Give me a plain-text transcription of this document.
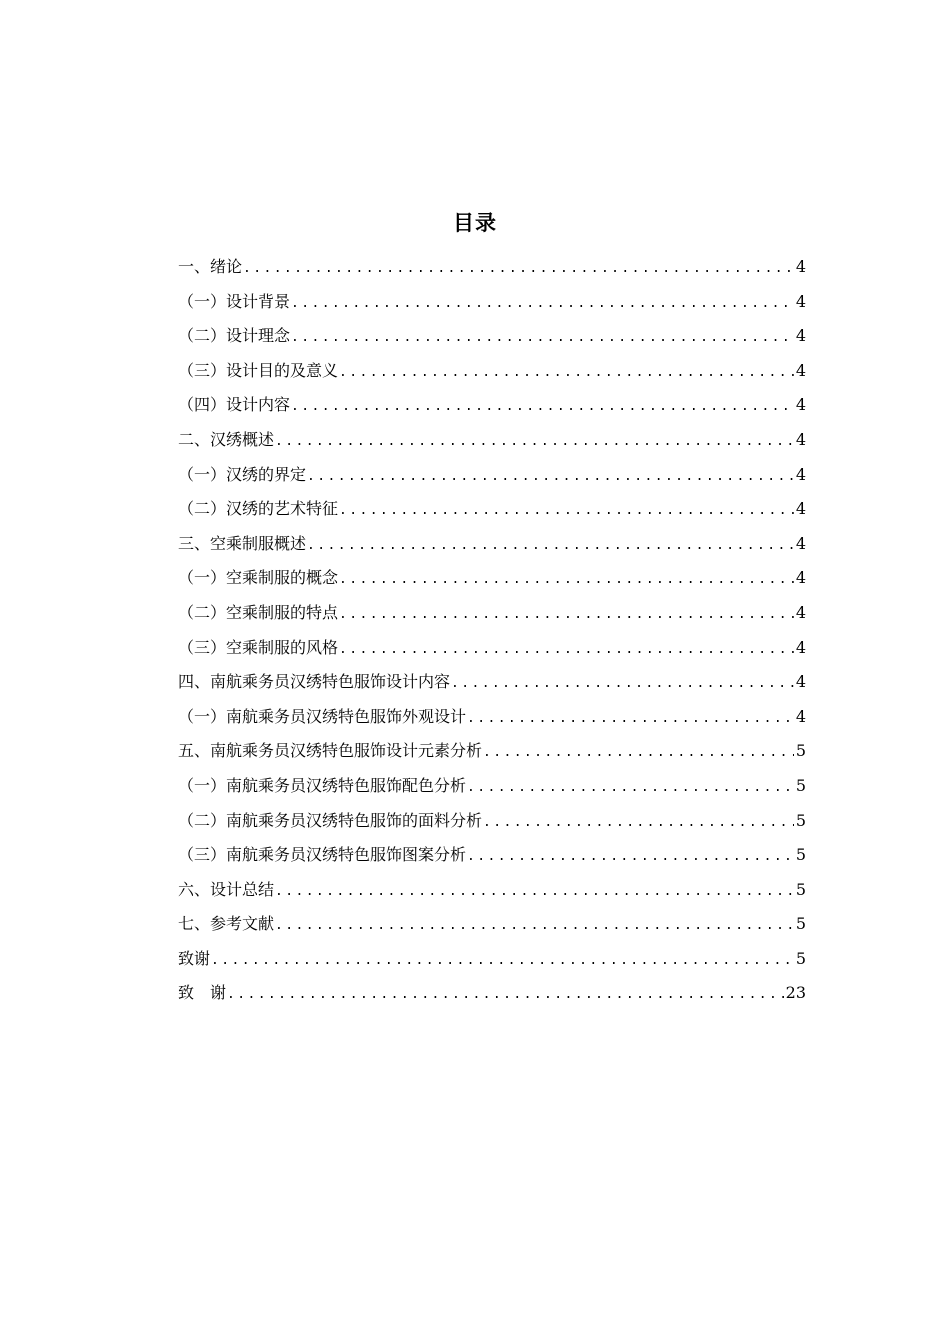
目录
一、绪论 .....	4
（一）设计背景 .....	4
（二）设计理念 .....	4
（三）设计目的及意义 .....	4
（四）设计内容 .....	4
二、汉绣概述 .....	4
（一）汉绣的界定 .....	4
（二）汉绣的艺术特征 .....	4
三、空乘制服概述 .....	4
（一）空乘制服的概念 .....	4
（二）空乘制服的特点 .....	4
（三）空乘制服的风格 .....	4
四、南航乘务员汉绣特色服饰设计内容 .....	4
（一）南航乘务员汉绣特色服饰外观设计 .....	4
五、南航乘务员汉绣特色服饰设计元素分析 .....	5
（一）南航乘务员汉绣特色服饰配色分析 .....	5
（二）南航乘务员汉绣特色服饰的面料分析 .....	5
（三）南航乘务员汉绣特色服饰图案分析 .....	5
六、设计总结 .....	5
七、参考文献 .....	5
致谢 .....	5
致　谢 .....	23
